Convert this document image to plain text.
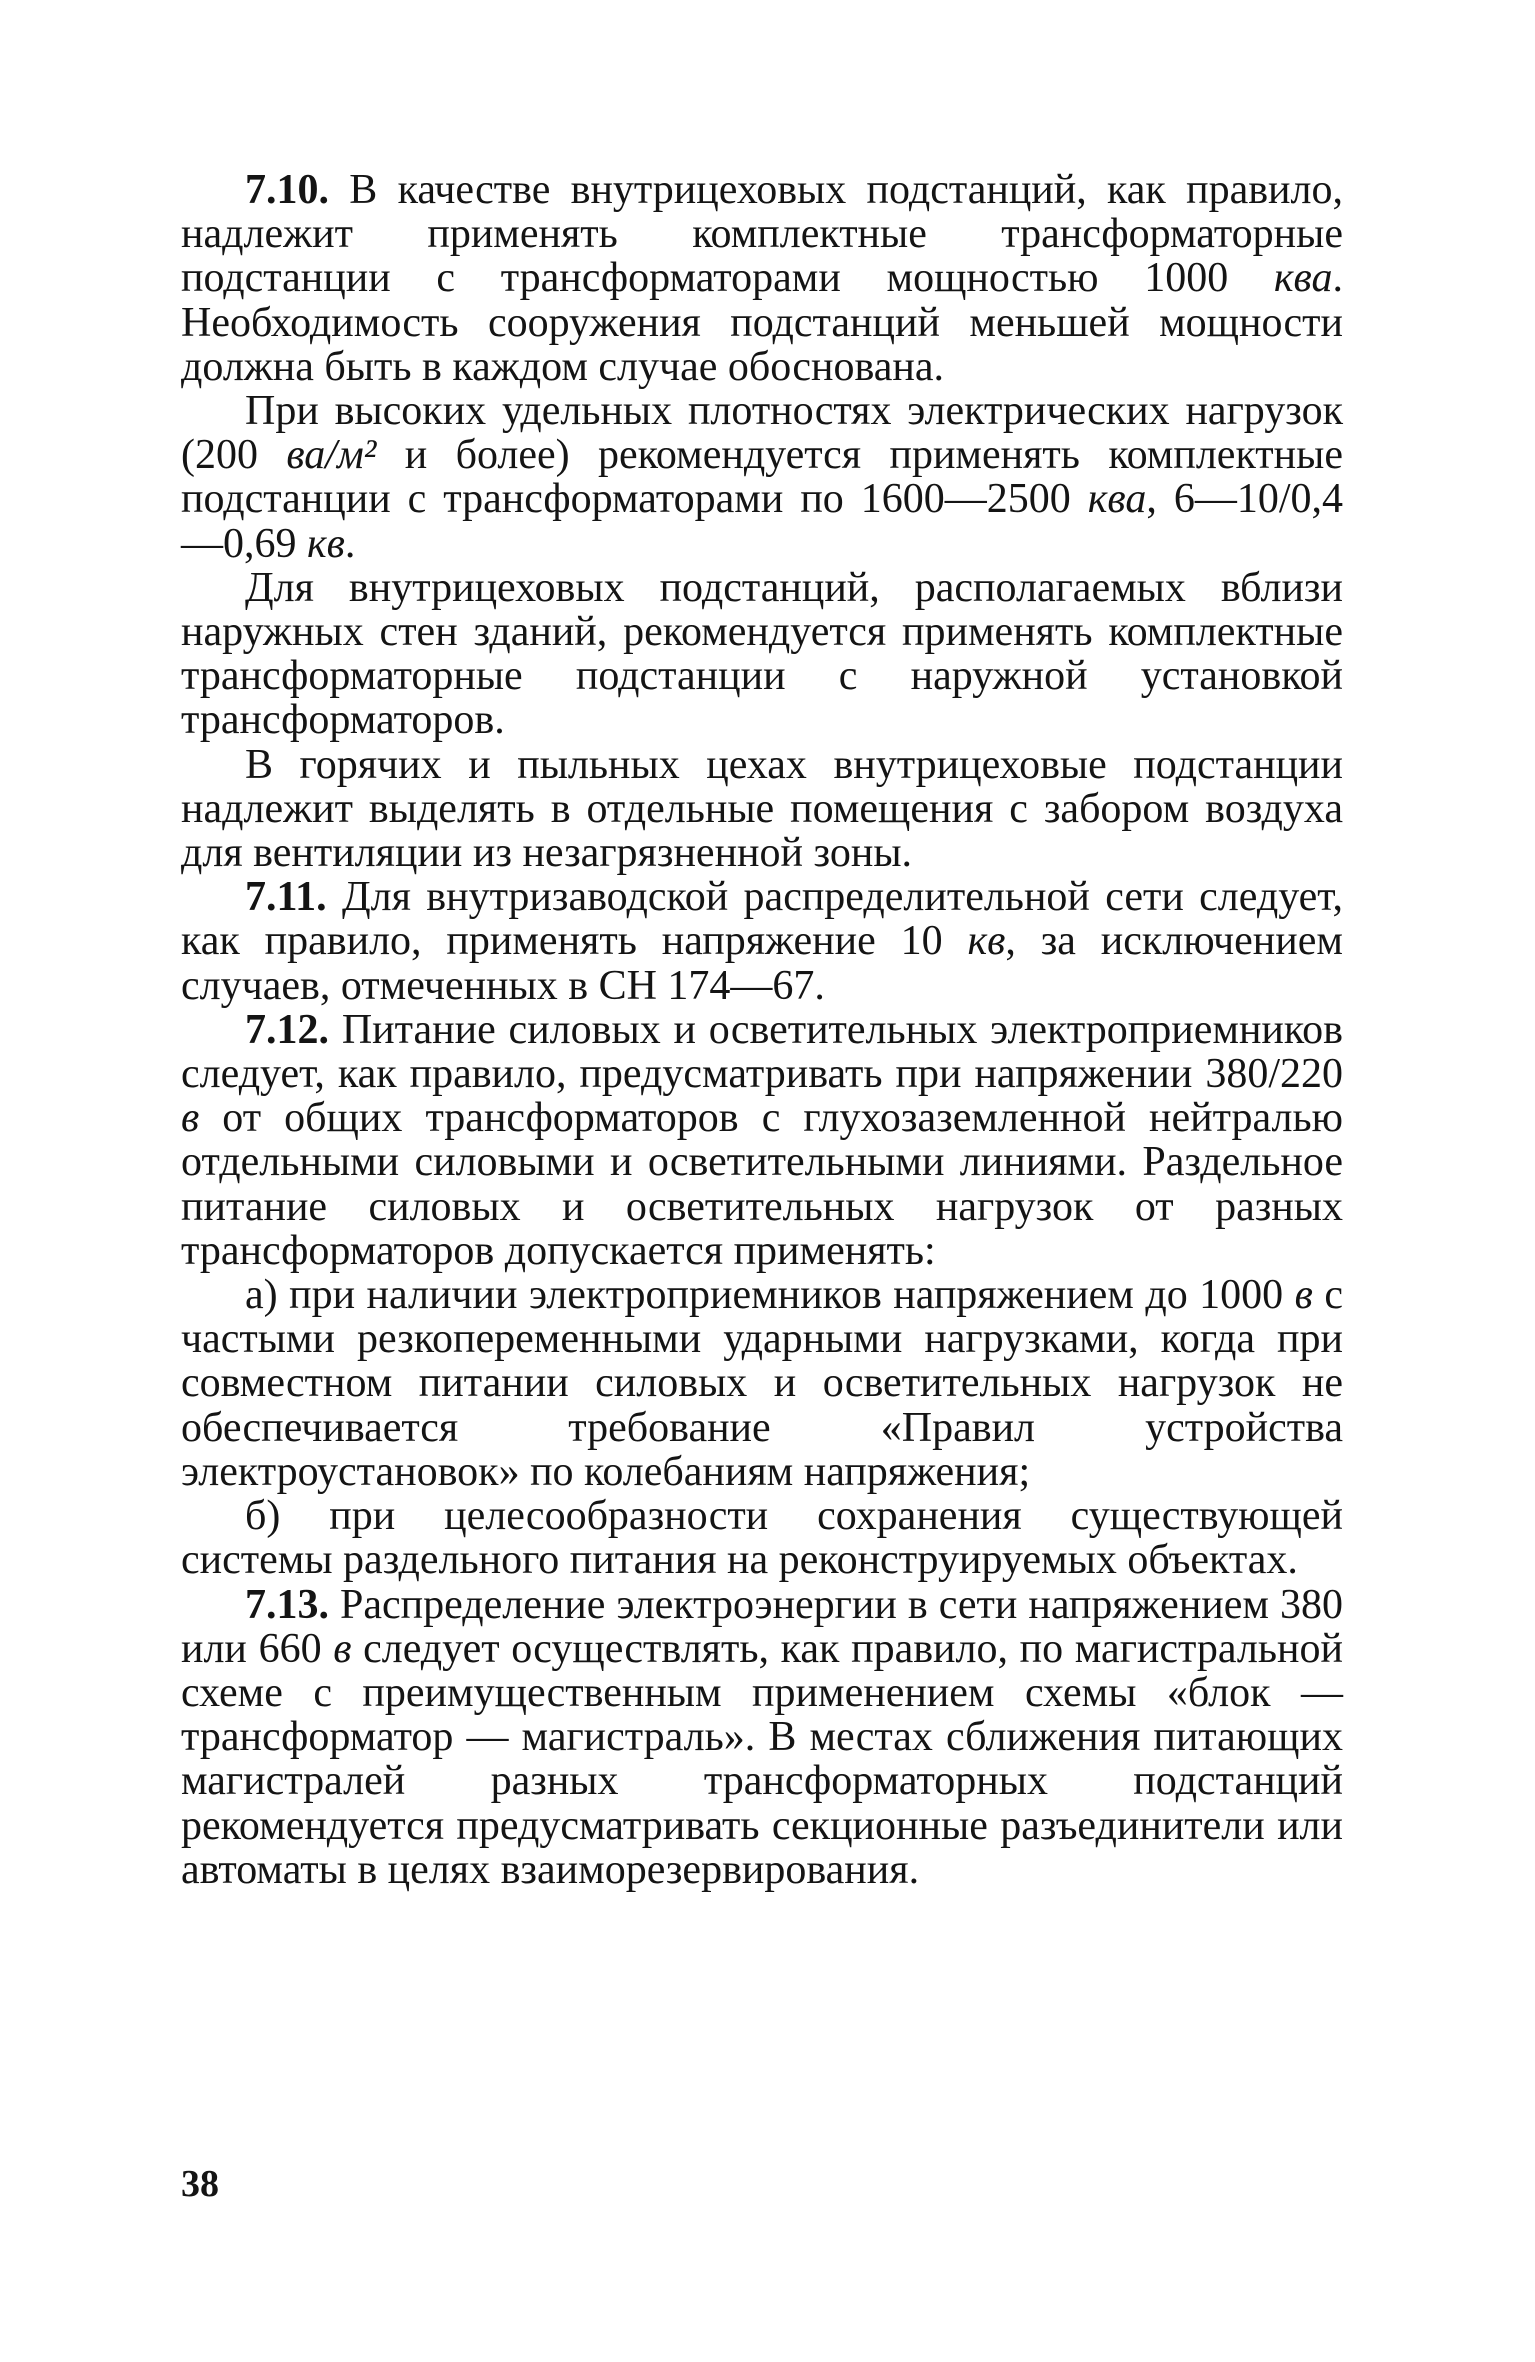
7.10. В качестве внутрицеховых подстанций, как правило, надлежит применять комплектные трансформаторные подстанции с трансформаторами мощностью 1000 ква. Необходимость сооружения подстанций меньшей мощности должна быть в каждом случае обоснована.

При высоких удельных плотностях электрических нагрузок (200 ва/м² и более) рекомендуется применять комплектные подстанции с трансформаторами по 1600—2500 ква, 6—10/0,4—0,69 кв.

Для внутрицеховых подстанций, располагаемых вблизи наружных стен зданий, рекомендуется применять комплектные трансформаторные подстанции с наружной установкой трансформаторов.

В горячих и пыльных цехах внутрицеховые подстанции надлежит выделять в отдельные помещения с забором воздуха для вентиляции из незагрязненной зоны.

7.11. Для внутризаводской распределительной сети следует, как правило, применять напряжение 10 кв, за исключением случаев, отмеченных в СН 174—67.

7.12. Питание силовых и осветительных электроприемников следует, как правило, предусматривать при напряжении 380/220 в от общих трансформаторов с глухозаземленной нейтралью отдельными силовыми и осветительными линиями. Раздельное питание силовых и осветительных нагрузок от разных трансформаторов допускается применять:

а) при наличии электроприемников напряжением до 1000 в с частыми резкопеременными ударными нагрузками, когда при совместном питании силовых и осветительных нагрузок не обеспечивается требование «Правил устройства электроустановок» по колебаниям напряжения;

б) при целесообразности сохранения существующей системы раздельного питания на реконструируемых объектах.

7.13. Распределение электроэнергии в сети напряжением 380 или 660 в следует осуществлять, как правило, по магистральной схеме с преимущественным применением схемы «блок — трансформатор — магистраль». В местах сближения питающих магистралей разных трансформаторных подстанций рекомендуется предусматривать секционные разъединители или автоматы в целях взаиморезервирования.

38
